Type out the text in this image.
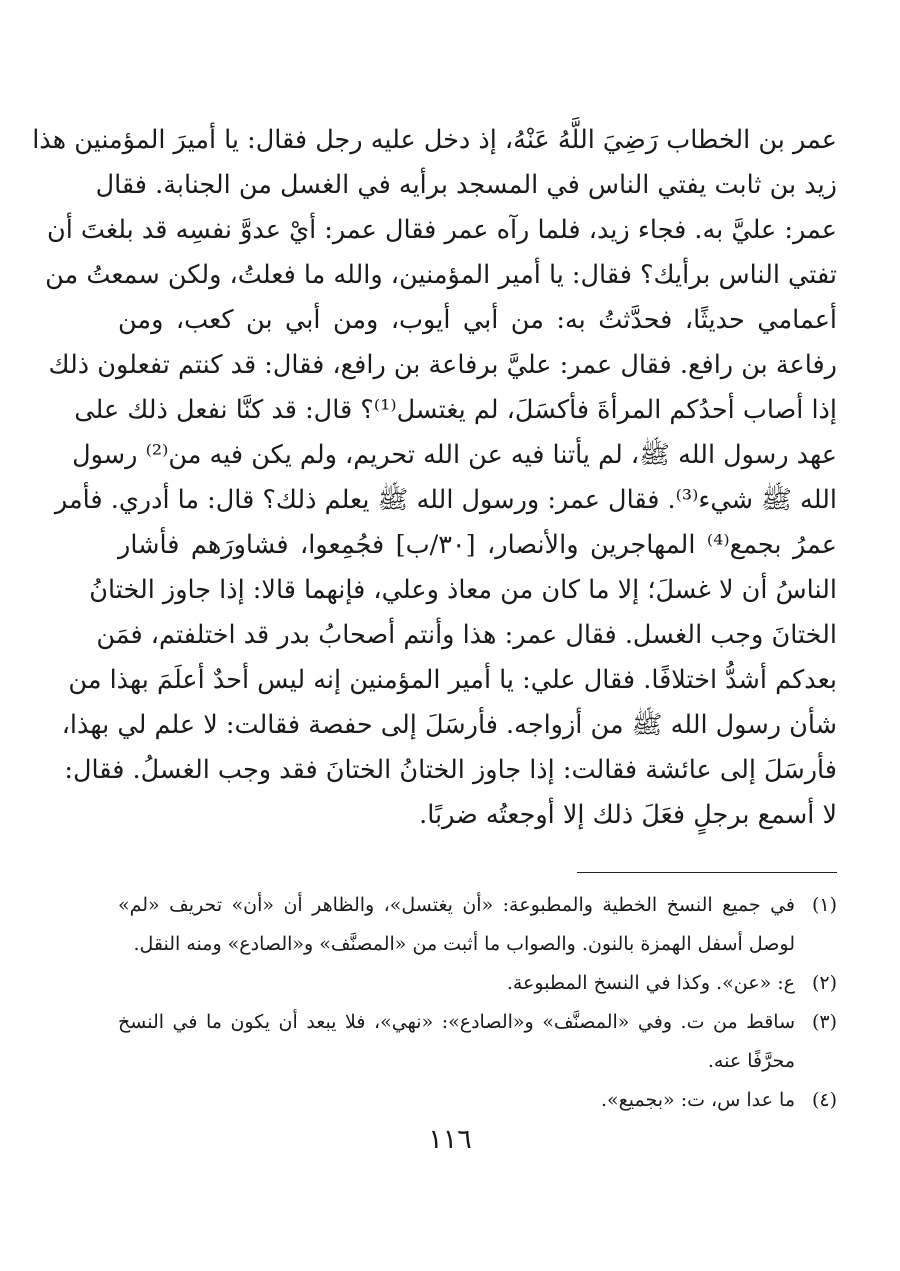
عمر بن الخطاب رَضِيَ اللَّهُ عَنْهُ، إذ دخل عليه رجل فقال: يا أميرَ المؤمنين هذا
زيد بن ثابت يفتي الناس في المسجد برأيه في الغسل من الجنابة. فقال
عمر: عليَّ به. فجاء زيد، فلما رآه عمر فقال عمر: أيْ عدوَّ نفسِه قد بلغتَ أن
تفتي الناس برأيك؟ فقال: يا أمير المؤمنين، والله ما فعلتُ، ولكن سمعتُ من
أعمامي حديثًا، فحدَّثتُ به: من أبي أيوب، ومن أبي بن كعب، ومن
رفاعة بن رافع. فقال عمر: عليَّ برفاعة بن رافع، فقال: قد كنتم تفعلون ذلك
إذا أصاب أحدُكم المرأةَ فأكسَلَ، لم يغتسل⁽¹⁾؟ قال: قد كنَّا نفعل ذلك على
عهد رسول الله ﷺ، لم يأتنا فيه عن الله تحريم، ولم يكن فيه من⁽²⁾ رسول
الله ﷺ شيء⁽³⁾. فقال عمر: ورسول الله ﷺ يعلم ذلك؟ قال: ما أدري. فأمر
عمرُ بجمع⁽⁴⁾ المهاجرين والأنصار، [٣٠/ب] فجُمِعوا، فشاورَهم فأشار
الناسُ أن لا غسلَ؛ إلا ما كان من معاذ وعلي، فإنهما قالا: إذا جاوز الختانُ
الختانَ وجب الغسل. فقال عمر: هذا وأنتم أصحابُ بدر قد اختلفتم، فمَن
بعدكم أشدُّ اختلافًا. فقال علي: يا أمير المؤمنين إنه ليس أحدٌ أعلَمَ بهذا من
شأن رسول الله ﷺ من أزواجه. فأرسَلَ إلى حفصة فقالت: لا علم لي بهذا،
فأرسَلَ إلى عائشة فقالت: إذا جاوز الختانُ الختانَ فقد وجب الغسلُ. فقال:
لا أسمع برجلٍ فعَلَ ذلك إلا أوجعتُه ضربًا.
(١)
في جميع النسخ الخطية والمطبوعة: «أن يغتسل»، والظاهر أن «أن» تحريف «لم»
لوصل أسفل الهمزة بالنون. والصواب ما أثبت من «المصنَّف» و«الصادع» ومنه النقل.
(٢)
ع: «عن». وكذا في النسخ المطبوعة.
(٣)
ساقط من ت. وفي «المصنَّف» و«الصادع»: «نهي»، فلا يبعد أن يكون ما في النسخ
محرَّفًا عنه.
(٤)
ما عدا س، ت: «بجميع».
١١٦
